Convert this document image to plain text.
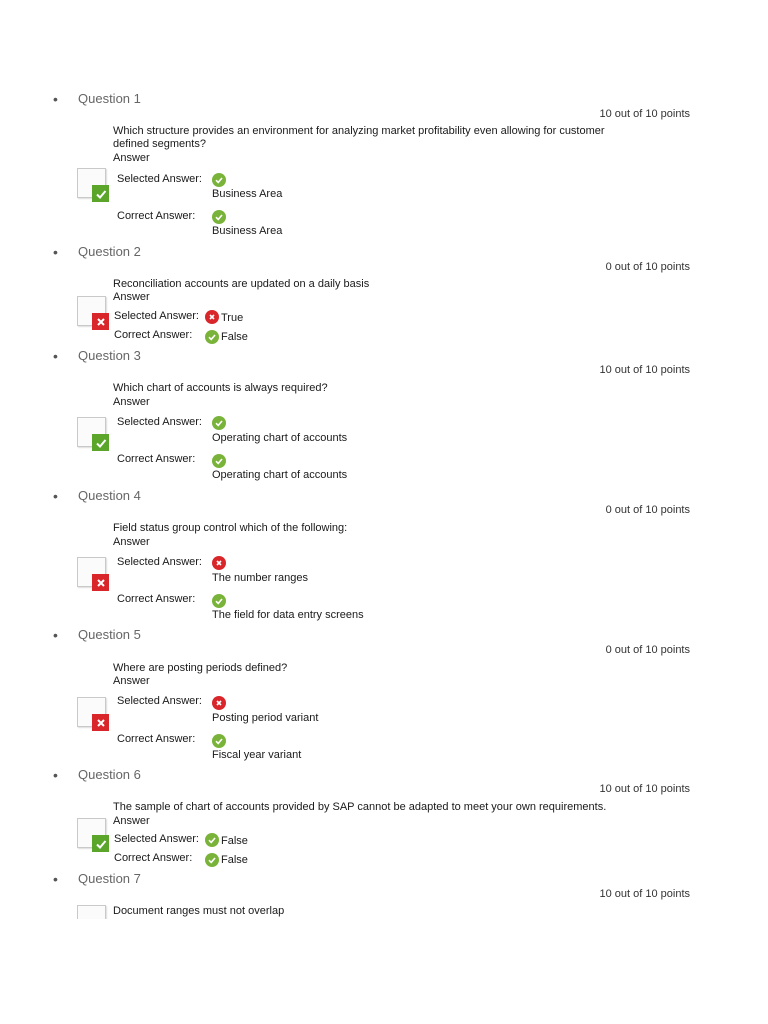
• Question 1
10 out of 10 points
Which structure provides an environment for analyzing market profitability even allowing for customer defined segments?
Answer
Selected Answer:
Business Area
Correct Answer:
Business Area
• Question 2
0 out of 10 points
Reconciliation accounts are updated on a daily basis
Answer
Selected Answer: True
Correct Answer:	False
• Question 3
10 out of 10 points
Which chart of accounts is always required?
Answer
Selected Answer:
Operating chart of accounts
Correct Answer:
Operating chart of accounts
• Question 4
0 out of 10 points
Field status group control which of the following:
Answer
Selected Answer:
The number ranges
Correct Answer:
The field for data entry screens
• Question 5
0 out of 10 points
Where are posting periods defined?
Answer
Selected Answer:
Posting period variant
Correct Answer:
Fiscal year variant
• Question 6
10 out of 10 points
The sample of chart of accounts provided by SAP cannot be adapted to meet your own requirements.
Answer
Selected Answer: False
Correct Answer:	False
• Question 7
10 out of 10 points
Document ranges must not overlap
